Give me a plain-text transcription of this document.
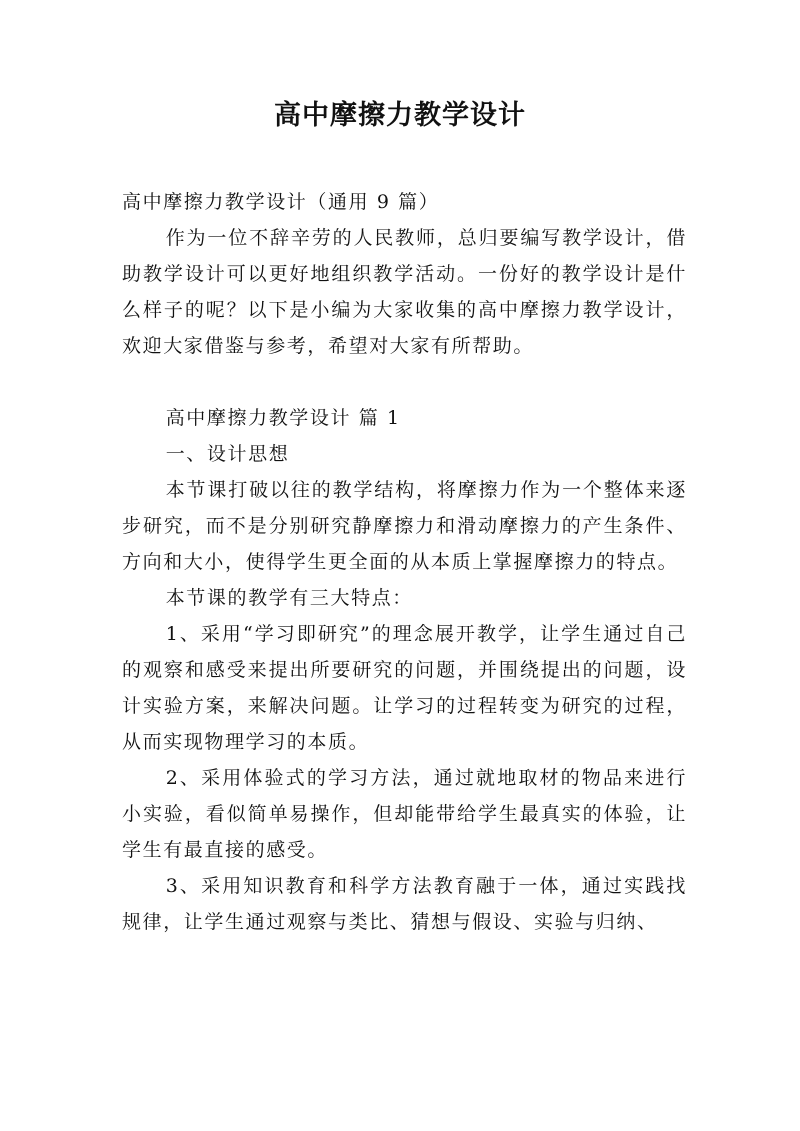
高中摩擦力教学设计

高中摩擦力教学设计（通用 9 篇）

作为一位不辞辛劳的人民教师，总归要编写教学设计，借助教学设计可以更好地组织教学活动。一份好的教学设计是什么样子的呢？以下是小编为大家收集的高中摩擦力教学设计，欢迎大家借鉴与参考，希望对大家有所帮助。

高中摩擦力教学设计 篇 1

一、设计思想

本节课打破以往的教学结构，将摩擦力作为一个整体来逐步研究，而不是分别研究静摩擦力和滑动摩擦力的产生条件、方向和大小，使得学生更全面的从本质上掌握摩擦力的特点。

本节课的教学有三大特点：

1、采用“学习即研究”的理念展开教学，让学生通过自己的观察和感受来提出所要研究的问题，并围绕提出的问题，设计实验方案，来解决问题。让学习的过程转变为研究的过程，从而实现物理学习的本质。

2、采用体验式的学习方法，通过就地取材的物品来进行小实验，看似简单易操作，但却能带给学生最真实的体验，让学生有最直接的感受。

3、采用知识教育和科学方法教育融于一体，通过实践找规律，让学生通过观察与类比、猜想与假设、实验与归纳、
